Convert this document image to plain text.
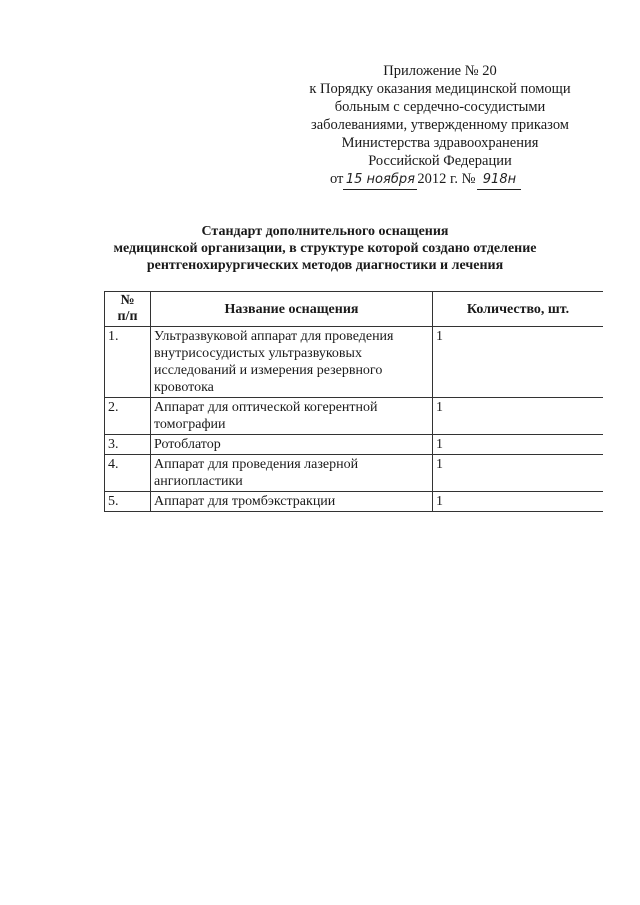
Приложение № 20
к Порядку оказания медицинской помощи
больным с сердечно-сосудистыми
заболеваниями, утвержденному приказом
Министерства здравоохранения
Российской Федерации
от 15 ноября 2012 г. № 918н
Стандарт дополнительного оснащения
медицинской организации, в структуре которой создано отделение
рентгенохирургических методов диагностики и лечения
№
п/п	Название оснащения	Количество, шт.
1.	Ультразвуковой аппарат для проведения внутрисосудистых ультразвуковых исследований и измерения резервного кровотока	1
2.	Аппарат для оптической когерентной томографии	1
3.	Ротоблатор	1
4.	Аппарат для проведения лазерной ангиопластики	1
5.	Аппарат для тромбэкстракции	1
